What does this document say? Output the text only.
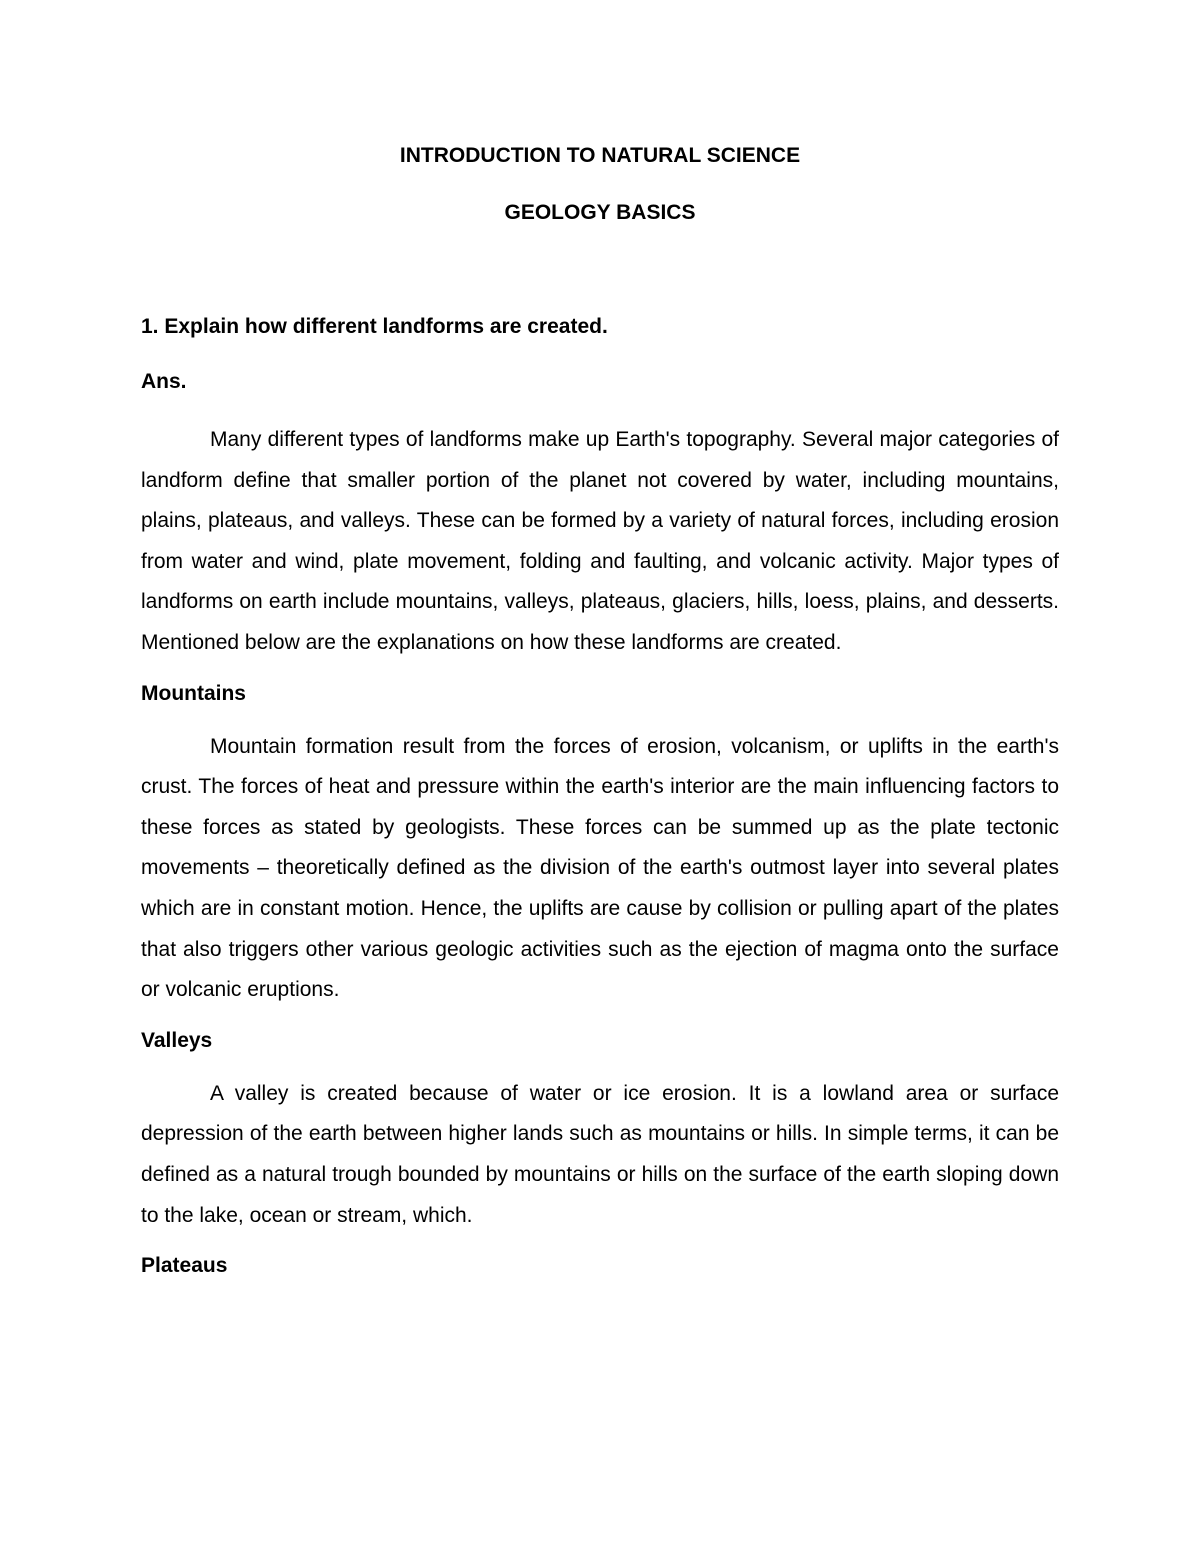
INTRODUCTION TO NATURAL SCIENCE

GEOLOGY BASICS

1. Explain how different landforms are created.

Ans.

Many different types of landforms make up Earth's topography. Several major categories of landform define that smaller portion of the planet not covered by water, including mountains, plains, plateaus, and valleys. These can be formed by a variety of natural forces, including erosion from water and wind, plate movement, folding and faulting, and volcanic activity. Major types of landforms on earth include mountains, valleys, plateaus, glaciers, hills, loess, plains, and desserts. Mentioned below are the explanations on how these landforms are created.

Mountains

Mountain formation result from the forces of erosion, volcanism, or uplifts in the earth's crust. The forces of heat and pressure within the earth's interior are the main influencing factors to these forces as stated by geologists. These forces can be summed up as the plate tectonic movements – theoretically defined as the division of the earth's outmost layer into several plates which are in constant motion. Hence, the uplifts are cause by collision or pulling apart of the plates that also triggers other various geologic activities such as the ejection of magma onto the surface or volcanic eruptions.

Valleys

A valley is created because of water or ice erosion. It is a lowland area or surface depression of the earth between higher lands such as mountains or hills. In simple terms, it can be defined as a natural trough bounded by mountains or hills on the surface of the earth sloping down to the lake, ocean or stream, which.

Plateaus
